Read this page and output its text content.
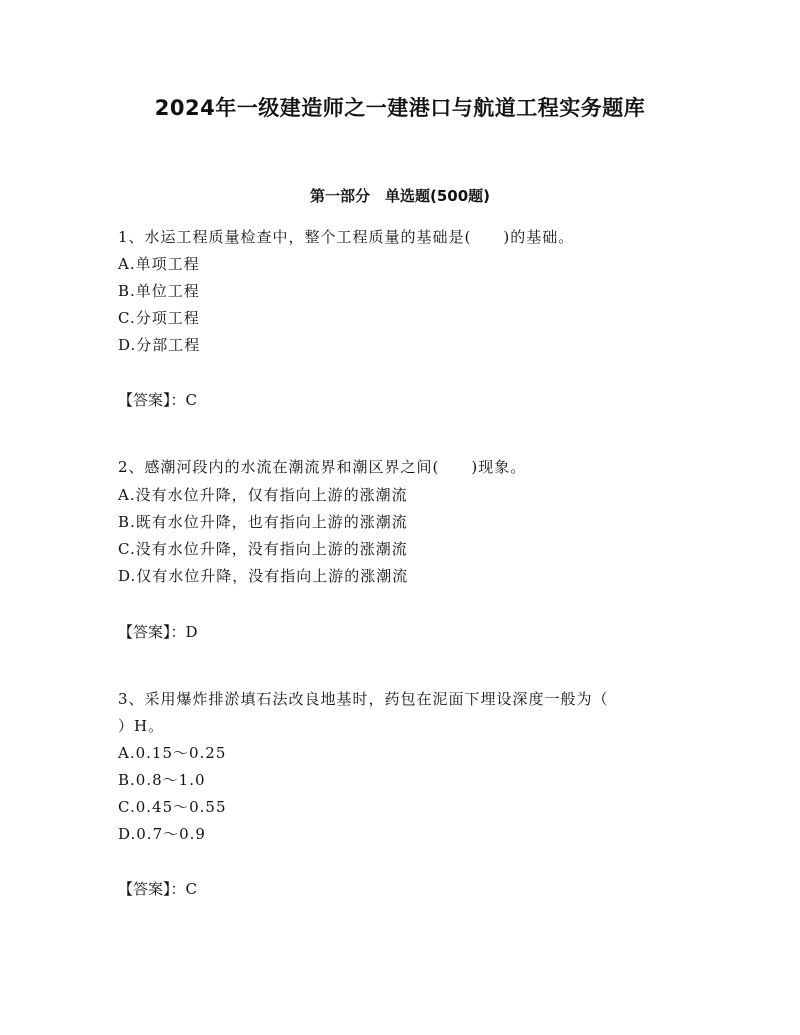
2024年一级建造师之一建港口与航道工程实务题库
第一部分　单选题(500题)
1、水运工程质量检查中，整个工程质量的基础是(　　)的基础。
A.单项工程
B.单位工程
C.分项工程
D.分部工程
【答案】：C
2、感潮河段内的水流在潮流界和潮区界之间(　　)现象。
A.没有水位升降，仅有指向上游的涨潮流
B.既有水位升降，也有指向上游的涨潮流
C.没有水位升降，没有指向上游的涨潮流
D.仅有水位升降，没有指向上游的涨潮流
【答案】：D
3、采用爆炸排淤填石法改良地基时，药包在泥面下埋设深度一般为（
）H。
A.0.15～0.25
B.0.8～1.0
C.0.45～0.55
D.0.7～0.9
【答案】：C
